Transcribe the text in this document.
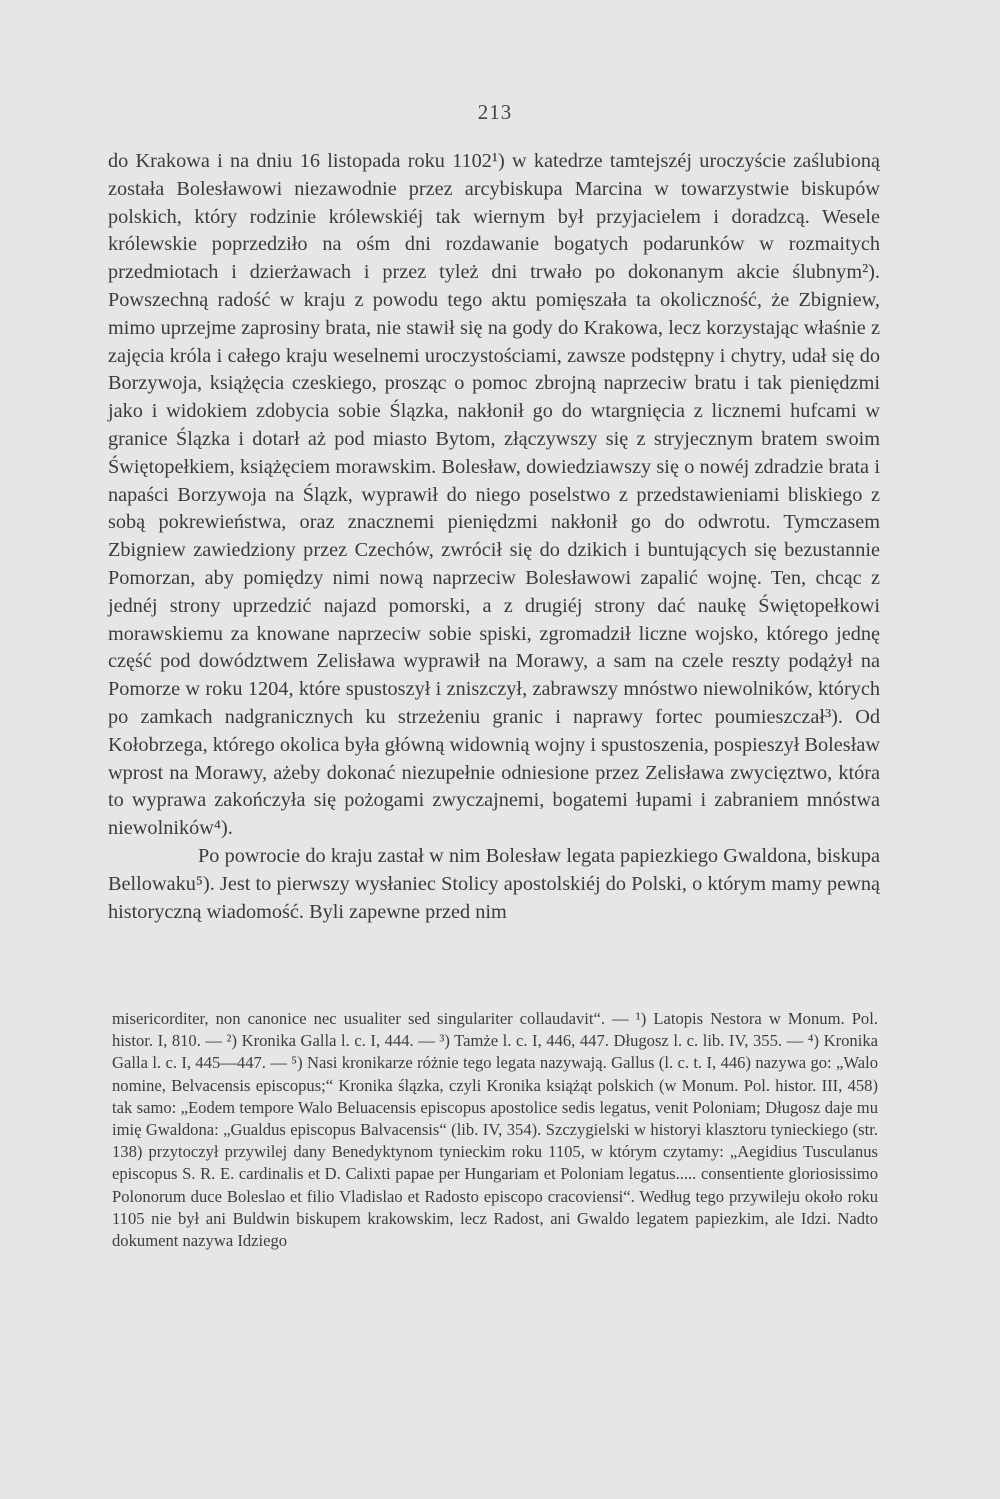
213

do Krakowa i na dniu 16 listopada roku 1102¹) w katedrze tamtejszéj uroczyście zaślubioną została Bolesławowi niezawodnie przez arcybiskupa Marcina w towarzystwie biskupów polskich, który rodzinie królewskiéj tak wiernym był przyjacielem i doradzcą. Wesele królewskie poprzedziło na ośm dni rozdawanie bogatych podarunków w rozmaitych przedmiotach i dzierżawach i przez tyleż dni trwało po dokonanym akcie ślubnym²). Powszechną radość w kraju z powodu tego aktu pomięszała ta okoliczność, że Zbigniew, mimo uprzejme zaprosiny brata, nie stawił się na gody do Krakowa, lecz korzystając właśnie z zajęcia króla i całego kraju weselnemi uroczystościami, zawsze podstępny i chytry, udał się do Borzywoja, książęcia czeskiego, prosząc o pomoc zbrojną naprzeciw bratu i tak pieniędzmi jako i widokiem zdobycia sobie Ślązka, nakłonił go do wtargnięcia z licznemi hufcami w granice Ślązka i dotarł aż pod miasto Bytom, złączywszy się z stryjecznym bratem swoim Świętopełkiem, książęciem morawskim. Bolesław, dowiedziawszy się o nowéj zdradzie brata i napaści Borzywoja na Ślązk, wyprawił do niego poselstwo z przedstawieniami bliskiego z sobą pokrewieństwa, oraz znacznemi pieniędzmi nakłonił go do odwrotu. Tymczasem Zbigniew zawiedziony przez Czechów, zwrócił się do dzikich i buntujących się bezustannie Pomorzan, aby pomiędzy nimi nową naprzeciw Bolesławowi zapalić wojnę. Ten, chcąc z jednéj strony uprzedzić najazd pomorski, a z drugiéj strony dać naukę Świętopełkowi morawskiemu za knowane naprzeciw sobie spiski, zgromadził liczne wojsko, którego jednę część pod dowództwem Zelisława wyprawił na Morawy, a sam na czele reszty podążył na Pomorze w roku 1204, które spustoszył i zniszczył, zabrawszy mnóstwo niewolników, których po zamkach nadgranicznych ku strzeżeniu granic i naprawy fortec poumieszczał³). Od Kołobrzega, którego okolica była główną widownią wojny i spustoszenia, pospieszył Bolesław wprost na Morawy, ażeby dokonać niezupełnie odniesione przez Zelisława zwycięztwo, która to wyprawa zakończyła się pożogami zwyczajnemi, bogatemi łupami i zabraniem mnóstwa niewolników⁴).

Po powrocie do kraju zastał w nim Bolesław legata papiezkiego Gwaldona, biskupa Bellowaku⁵). Jest to pierwszy wysłaniec Stolicy apostolskiéj do Polski, o którym mamy pewną historyczną wiadomość. Byli zapewne przed nim

misericorditer, non canonice nec usualiter sed singulariter collaudavit“. — ¹) Latopis Nestora w Monum. Pol. histor. I, 810. — ²) Kronika Galla l. c. I, 444. — ³) Tamże l. c. I, 446, 447. Długosz l. c. lib. IV, 355. — ⁴) Kronika Galla l. c. I, 445—447. — ⁵) Nasi kronikarze różnie tego legata nazywają. Gallus (l. c. t. I, 446) nazywa go: „Walo nomine, Belvacensis episcopus;“ Kronika ślązka, czyli Kronika książąt polskich (w Monum. Pol. histor. III, 458) tak samo: „Eodem tempore Walo Beluacensis episcopus apostolice sedis legatus, venit Poloniam; Długosz daje mu imię Gwaldona: „Gualdus episcopus Balvacensis“ (lib. IV, 354). Szczygielski w historyi klasztoru tynieckiego (str. 138) przytoczył przywilej dany Benedyktynom tynieckim roku 1105, w którym czytamy: „Aegidius Tusculanus episcopus S. R. E. cardinalis et D. Calixti papae per Hungariam et Poloniam legatus..... consentiente gloriosissimo Polonorum duce Boleslao et filio Vladislao et Radosto episcopo cracoviensi“. Według tego przywileju około roku 1105 nie był ani Buldwin biskupem krakowskim, lecz Radost, ani Gwaldo legatem papiezkim, ale Idzi. Nadto dokument nazywa Idziego
